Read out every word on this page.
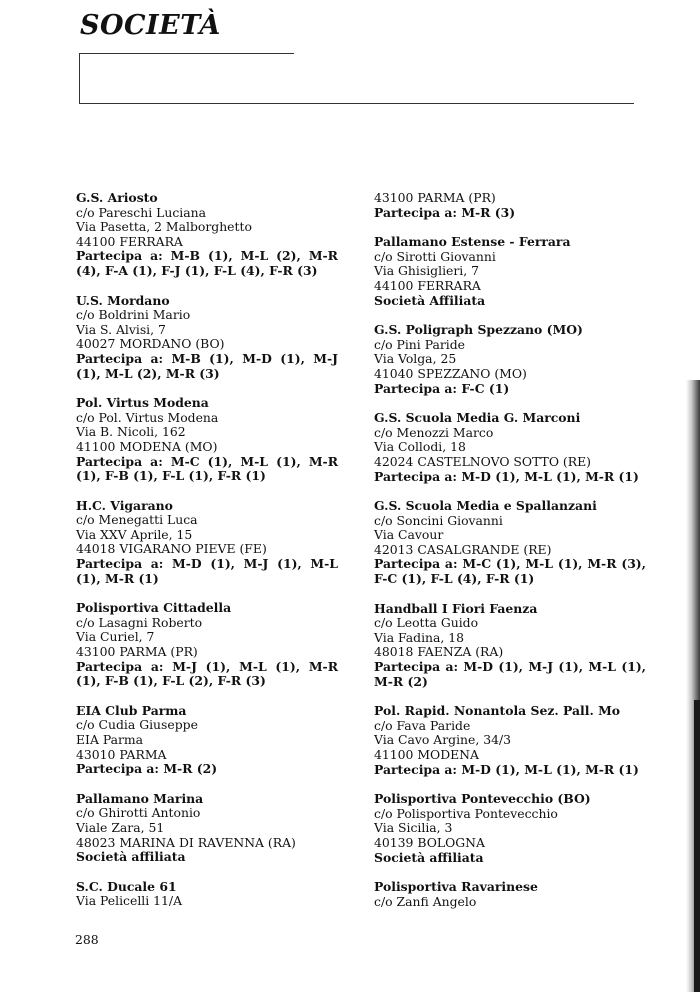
SOCIETÀ
G.S. Ariosto
c/o Pareschi Luciana
Via Pasetta, 2 Malborghetto
44100 FERRARA
Partecipa a: M-B (1), M-L (2), M-R (4), F-A (1), F-J (1), F-L (4), F-R (3)
U.S. Mordano
c/o Boldrini Mario
Via S. Alvisi, 7
40027 MORDANO (BO)
Partecipa a: M-B (1), M-D (1), M-J (1), M-L (2), M-R (3)
Pol. Virtus Modena
c/o Pol. Virtus Modena
Via B. Nicoli, 162
41100 MODENA (MO)
Partecipa a: M-C (1), M-L (1), M-R (1), F-B (1), F-L (1), F-R (1)
H.C. Vigarano
c/o Menegatti Luca
Via XXV Aprile, 15
44018 VIGARANO PIEVE (FE)
Partecipa a: M-D (1), M-J (1), M-L (1), M-R (1)
Polisportiva Cittadella
c/o Lasagni Roberto
Via Curiel, 7
43100 PARMA (PR)
Partecipa a: M-J (1), M-L (1), M-R (1), F-B (1), F-L (2), F-R (3)
EIA Club Parma
c/o Cudia Giuseppe
EIA Parma
43010 PARMA
Partecipa a: M-R (2)
Pallamano Marina
c/o Ghirotti Antonio
Viale Zara, 51
48023 MARINA DI RAVENNA (RA)
Società affiliata
S.C. Ducale 61
Via Pelicelli 11/A
43100 PARMA (PR)
Partecipa a: M-R (3)
Pallamano Estense - Ferrara
c/o Sirotti Giovanni
Via Ghisiglieri, 7
44100 FERRARA
Società Affiliata
G.S. Poligraph Spezzano (MO)
c/o Pini Paride
Via Volga, 25
41040 SPEZZANO (MO)
Partecipa a: F-C (1)
G.S. Scuola Media G. Marconi
c/o Menozzi Marco
Via Collodi, 18
42024 CASTELNOVO SOTTO (RE)
Partecipa a: M-D (1), M-L (1), M-R (1)
G.S. Scuola Media e Spallanzani
c/o Soncini Giovanni
Via Cavour
42013 CASALGRANDE (RE)
Partecipa a: M-C (1), M-L (1), M-R (3), F-C (1), F-L (4), F-R (1)
Handball I Fiori Faenza
c/o Leotta Guido
Via Fadina, 18
48018 FAENZA (RA)
Partecipa a: M-D (1), M-J (1), M-L (1), M-R (2)
Pol. Rapid. Nonantola Sez. Pall. Mo
c/o Fava Paride
Via Cavo Argine, 34/3
41100 MODENA
Partecipa a: M-D (1), M-L (1), M-R (1)
Polisportiva Pontevecchio (BO)
c/o Polisportiva Pontevecchio
Via Sicilia, 3
40139 BOLOGNA
Società affiliata
Polisportiva Ravarinese
c/o Zanfi Angelo
288
